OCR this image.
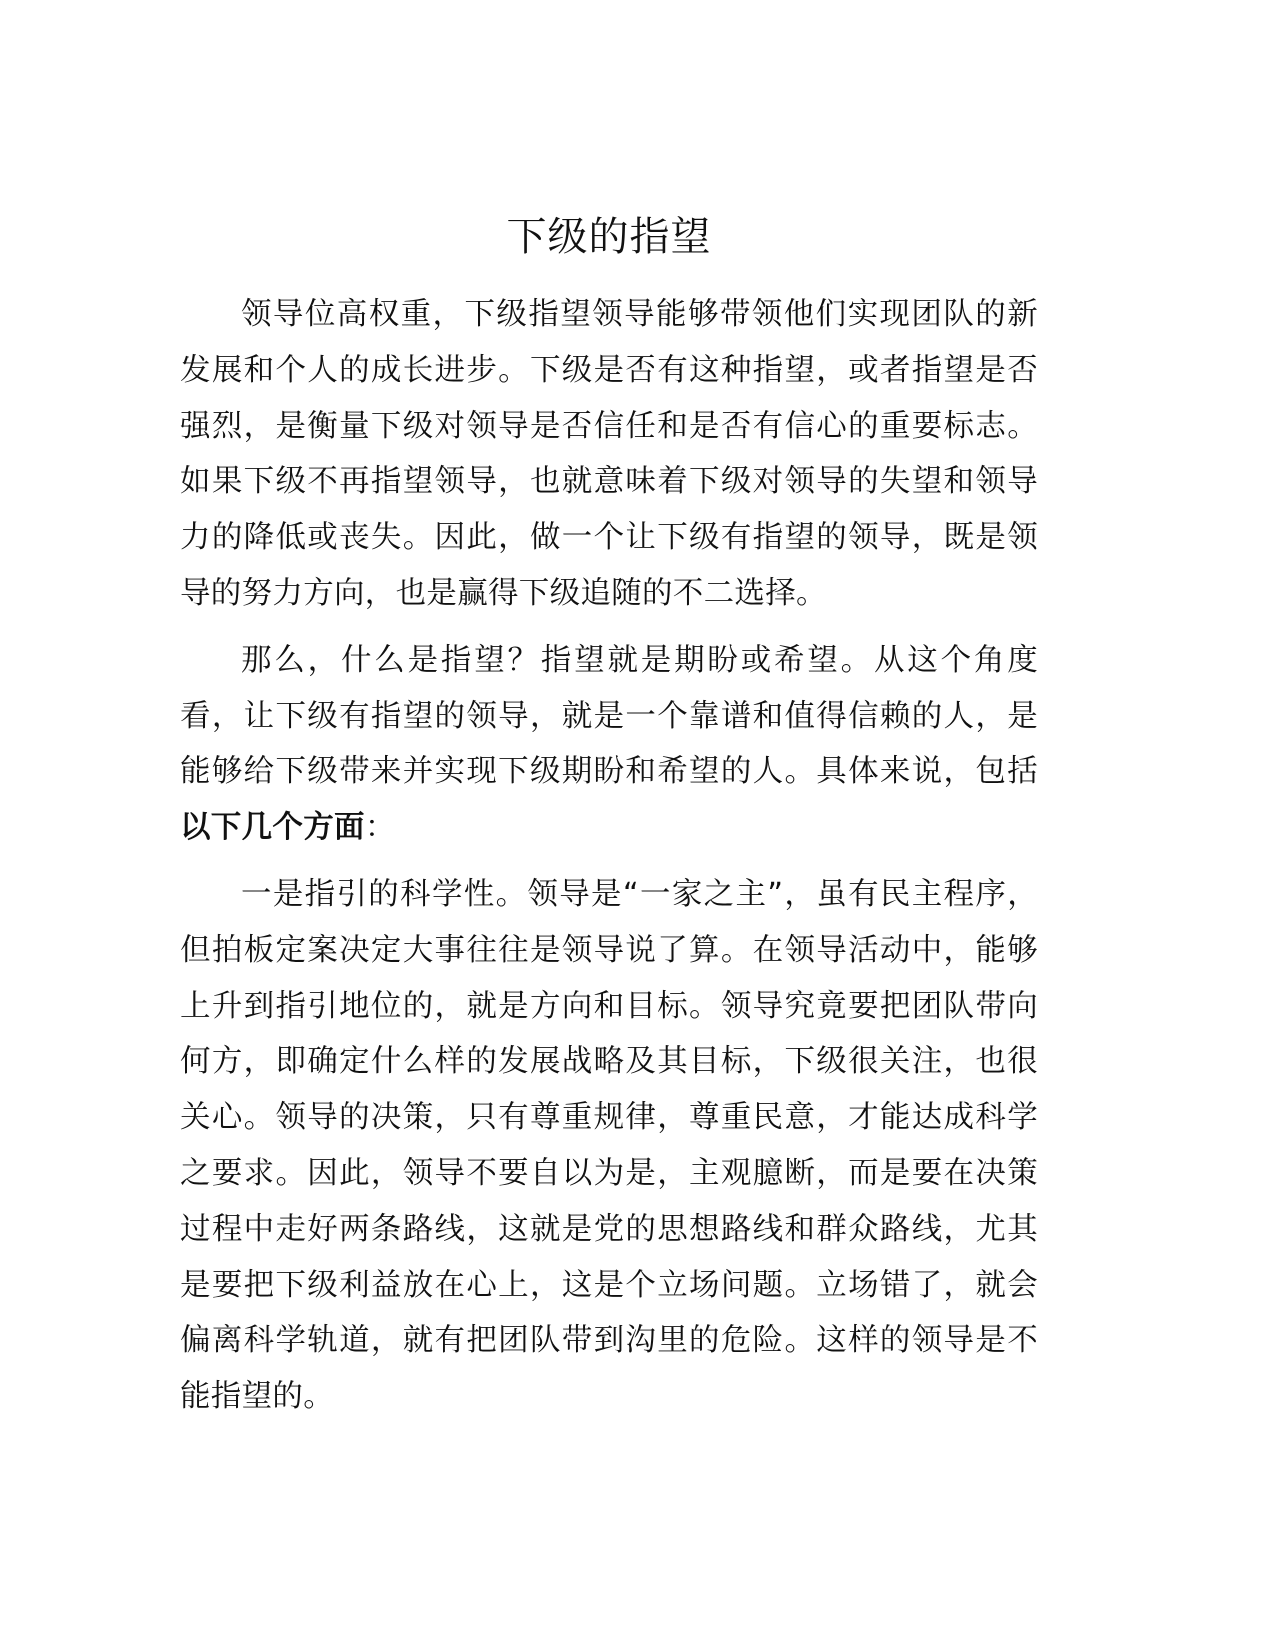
下级的指望

领导位高权重，下级指望领导能够带领他们实现团队的新发展和个人的成长进步。下级是否有这种指望，或者指望是否强烈，是衡量下级对领导是否信任和是否有信心的重要标志。如果下级不再指望领导，也就意味着下级对领导的失望和领导力的降低或丧失。因此，做一个让下级有指望的领导，既是领导的努力方向，也是赢得下级追随的不二选择。

那么，什么是指望？指望就是期盼或希望。从这个角度看，让下级有指望的领导，就是一个靠谱和值得信赖的人，是能够给下级带来并实现下级期盼和希望的人。具体来说，包括以下几个方面：

一是指引的科学性。领导是“一家之主”，虽有民主程序，但拍板定案决定大事往往是领导说了算。在领导活动中，能够上升到指引地位的，就是方向和目标。领导究竟要把团队带向何方，即确定什么样的发展战略及其目标，下级很关注，也很关心。领导的决策，只有尊重规律，尊重民意，才能达成科学之要求。因此，领导不要自以为是，主观臆断，而是要在决策过程中走好两条路线，这就是党的思想路线和群众路线，尤其是要把下级利益放在心上，这是个立场问题。立场错了，就会偏离科学轨道，就有把团队带到沟里的危险。这样的领导是不能指望的。
